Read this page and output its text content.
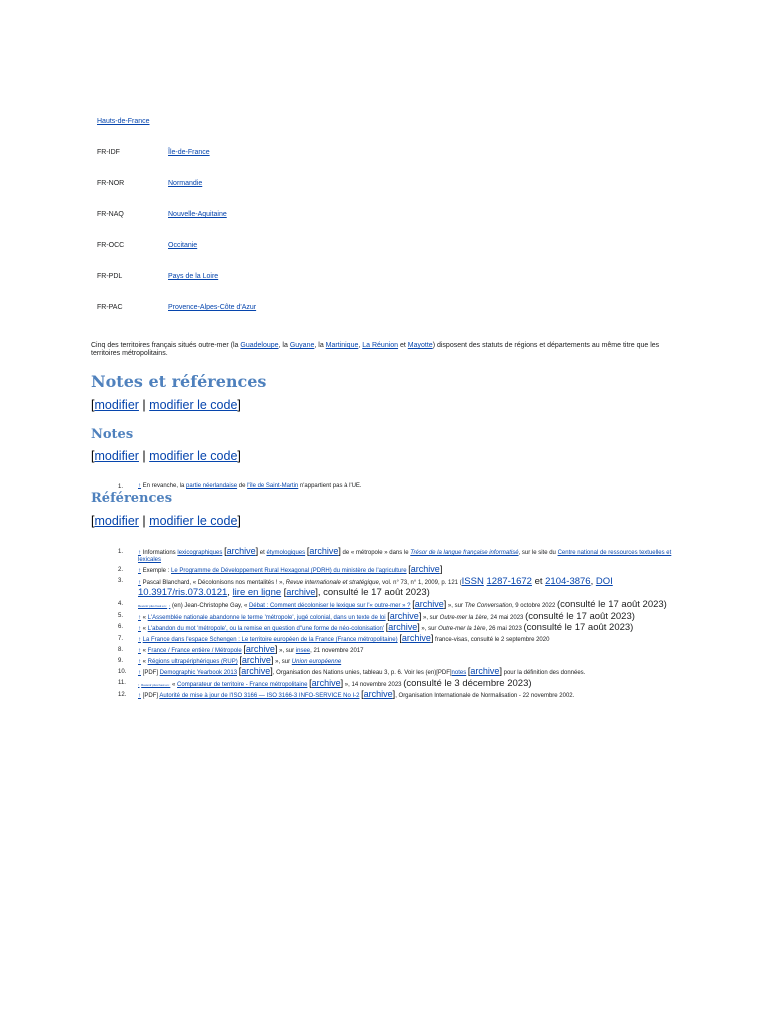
Hauts-de-France
FR-IDF	Île-de-France
FR-NOR	Normandie
FR-NAQ	Nouvelle-Aquitaine
FR-OCC	Occitanie
FR-PDL	Pays de la Loire
FR-PAC	Provence-Alpes-Côte d'Azur

Cinq des territoires français situés outre-mer (la Guadeloupe, la Guyane, la Martinique, La Réunion et Mayotte) disposent des statuts de régions et départements au même titre que les territoires métropolitains.

Notes et références
[modifier | modifier le code]
Notes
[modifier | modifier le code]
1.	↑ En revanche, la partie néerlandaise de l'île de Saint-Martin n'appartient pas à l'UE.
Références
[modifier | modifier le code]
1.	↑ Informations lexicographiques [archive] et étymologiques [archive] de « métropole » dans le Trésor de la langue française informatisé, sur le site du Centre national de ressources textuelles et lexicales
2.	↑ Exemple : Le Programme de Développement Rural Hexagonal (PDRH) du ministère de l'agriculture [archive]
3.	↑ Pascal Blanchard, « Décolonisons nos mentalités ! », Revue internationale et stratégique, vol. n° 73, n° 1, 2009, p. 121 (ISSN 1287-1672 et 2104-3876, DOI 10.3917/ris.073.0121, lire en ligne [archive], consulté le 17 août 2023)
4.	Revenir plus haut en : ↑ (en) Jean-Christophe Gay, « Débat : Comment décoloniser le lexique sur l'« outre-mer » ? [archive] », sur The Conversation, 9 octobre 2022 (consulté le 17 août 2023)
5.	↑ « L'Assemblée nationale abandonne le terme 'métropole', jugé colonial, dans un texte de loi [archive] », sur Outre-mer la 1ère, 24 mai 2023 (consulté le 17 août 2023)
6.	↑ « L'abandon du mot 'métropole', ou la remise en question d''une forme de néo-colonisation' [archive] », sur Outre-mer la 1ère, 26 mai 2023 (consulté le 17 août 2023)
7.	↑ La France dans l'espace Schengen : Le territoire européen de la France (France métropolitaine) [archive] france-visas, consulté le 2 septembre 2020
8.	↑ « France / France entière / Métropole [archive] », sur insee, 21 novembre 2017
9.	↑ « Régions ultrapériphériques (RUP) [archive] », sur Union européenne
10.	↑ [PDF] Demographic Yearbook 2013 [archive], Organisation des Nations unies, tableau 3, p. 6. Voir les (en)[PDF]notes [archive] pour la définition des données.
11.	↑ Revenir plus haut en : « Comparateur de territoire - France métropolitaine [archive] », 14 novembre 2023 (consulté le 3 décembre 2023)
12.	↑ [PDF] Autorité de mise à jour de l'ISO 3166 — ISO 3166-3 INFO-SERVICE No I-2 [archive], Organisation Internationale de Normalisation - 22 novembre 2002.
